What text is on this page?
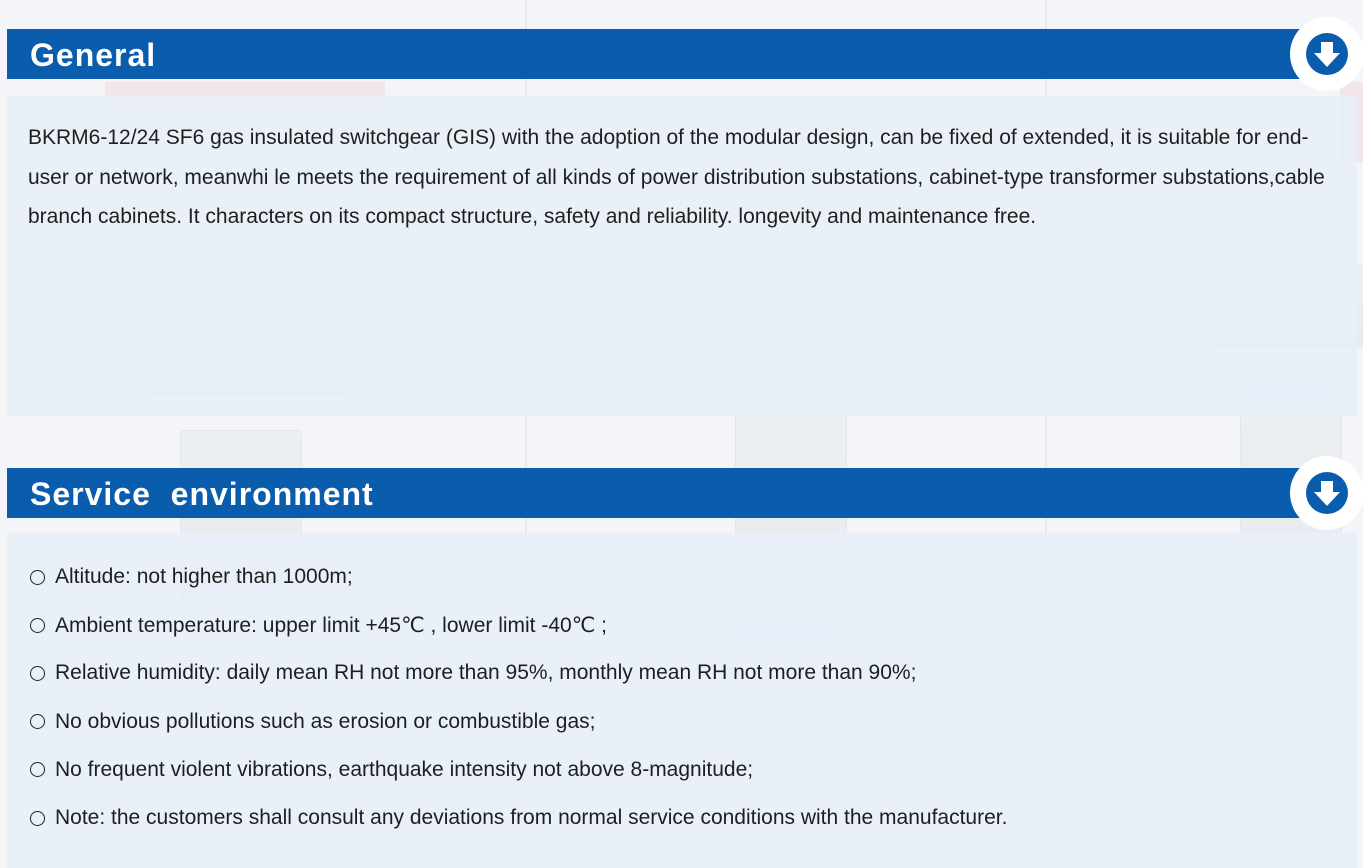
General
BKRM6-12/24 SF6 gas insulated switchgear (GIS) with the adoption of the modular design, can be fixed of extended, it is suitable for end-user or network, meanwhi le meets the requirement of all kinds of power distribution substations, cabinet-type transformer substations,cable branch cabinets. It characters on its compact structure, safety and reliability. longevity and maintenance free.
Service  environment
Altitude: not higher than 1000m;
Ambient temperature: upper limit +45℃ , lower limit -40℃ ;
Relative humidity: daily mean RH not more than 95%, monthly mean RH not more than 90%;
No obvious pollutions such as erosion or combustible gas;
No frequent violent vibrations, earthquake intensity not above 8-magnitude;
Note: the customers shall consult any deviations from normal service conditions with the manufacturer.
